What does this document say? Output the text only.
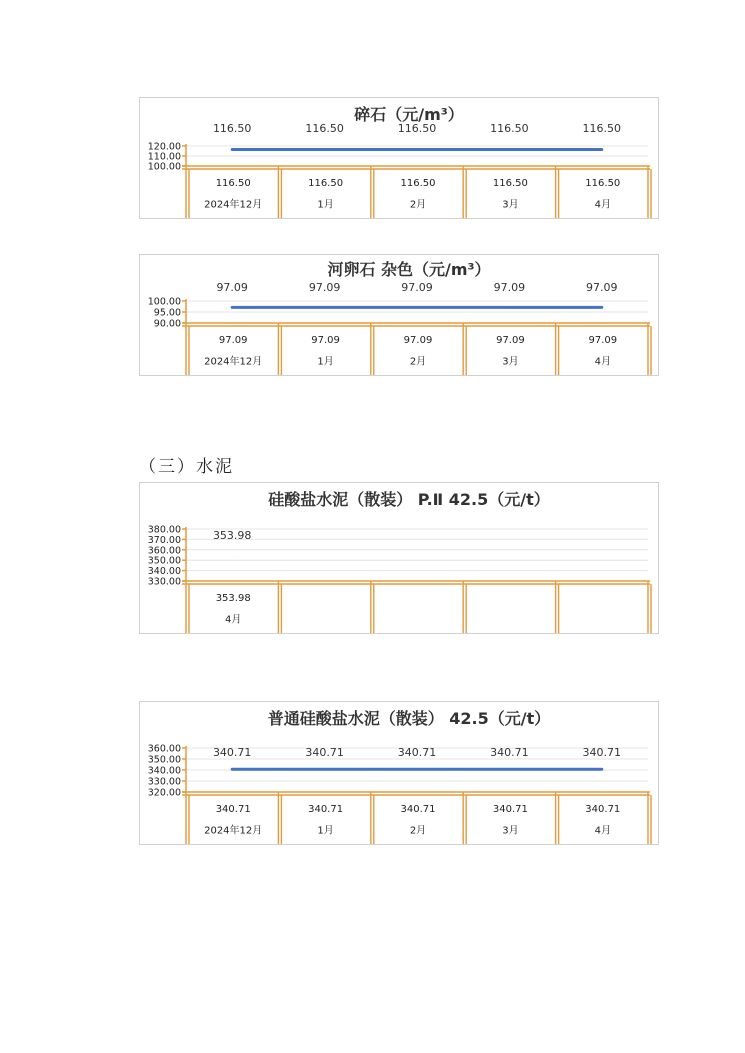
碎石（元/m³）
120.00
110.00
100.00
116.50	116.50	116.50	116.50	116.50
116.50	116.50	116.50	116.50	116.50
2024年12月	1月	2月	3月	4月
河卵石 杂色（元/m³）
100.00
95.00
90.00
97.09	97.09	97.09	97.09	97.09
97.09	97.09	97.09	97.09	97.09
2024年12月	1月	2月	3月	4月
（三）水泥
硅酸盐水泥（散装） P.Ⅱ 42.5（元/t）
380.00
370.00
360.00
350.00
340.00
330.00
353.98
353.98
4月
普通硅酸盐水泥（散装） 42.5（元/t）
360.00
350.00
340.00
330.00
320.00
340.71	340.71	340.71	340.71	340.71
340.71	340.71	340.71	340.71	340.71
2024年12月	1月	2月	3月	4月
